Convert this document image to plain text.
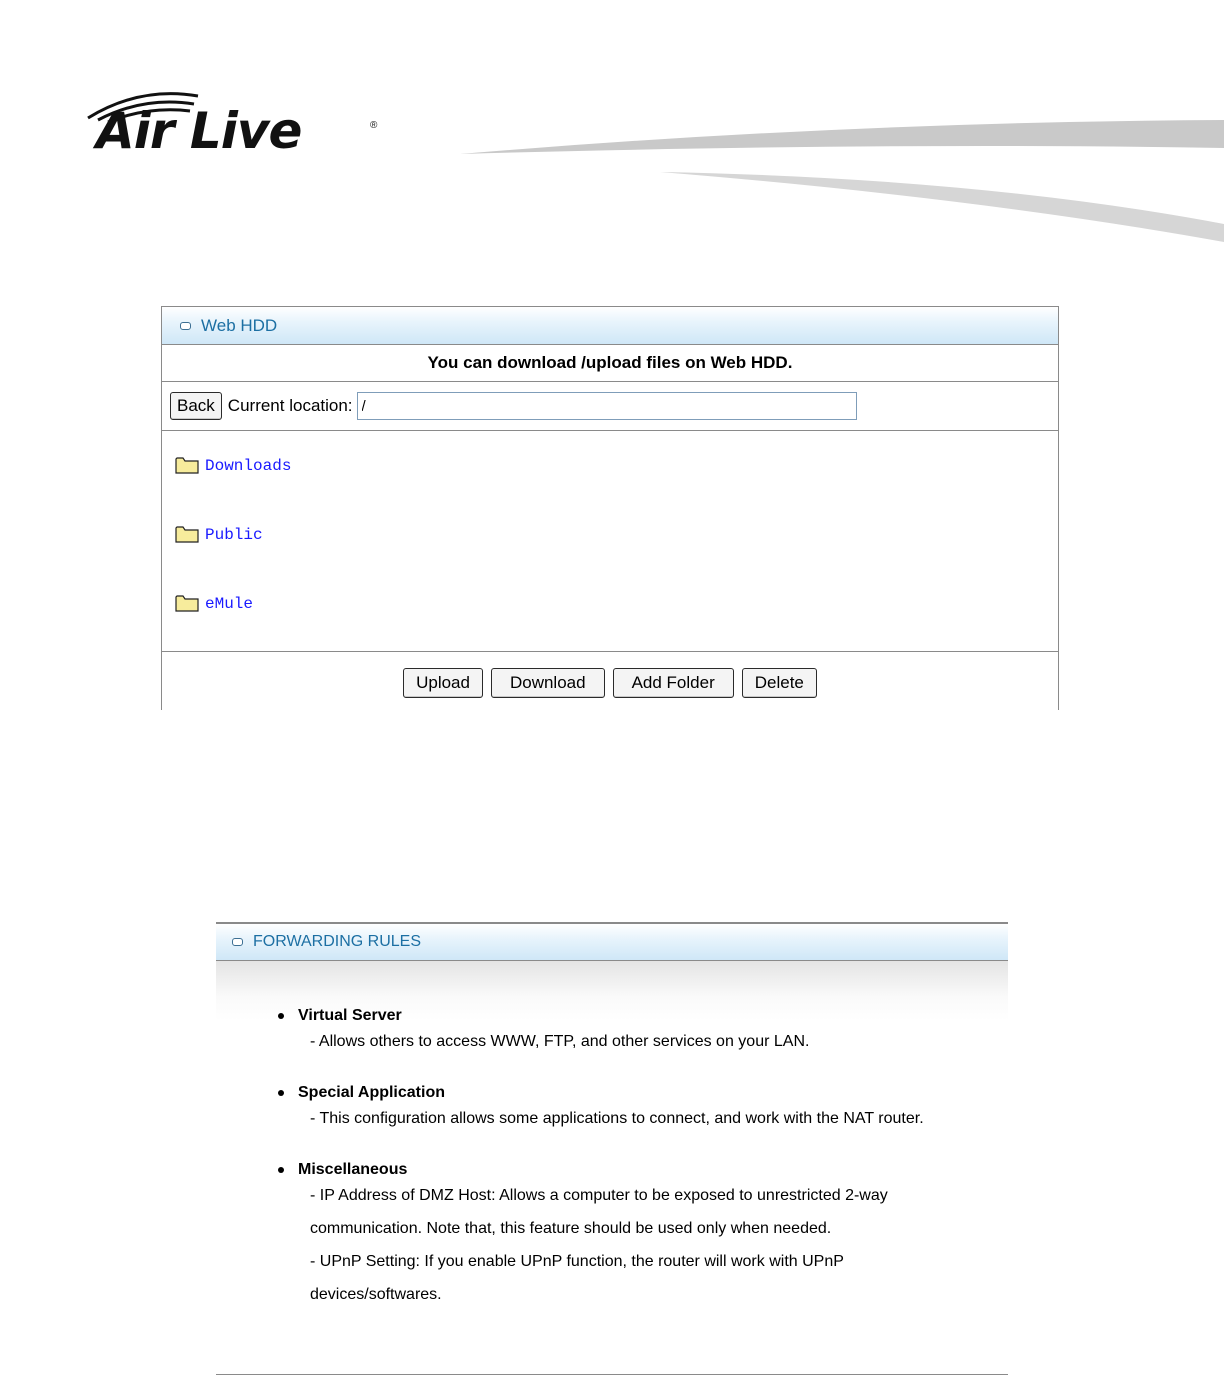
Air Live	®
Web HDD
You can download /upload files on Web HDD.
Back Current location:
/
Downloads
Public
eMule
Upload	Download	Add Folder	Delete
FORWARDING RULES
Virtual Server
- Allows others to access WWW, FTP, and other services on your LAN.
Special Application
- This configuration allows some applications to connect, and work with the NAT router.
Miscellaneous
- IP Address of DMZ Host: Allows a computer to be exposed to unrestricted 2-way
communication. Note that, this feature should be used only when needed.
- UPnP Setting: If you enable UPnP function, the router will work with UPnP
devices/softwares.
